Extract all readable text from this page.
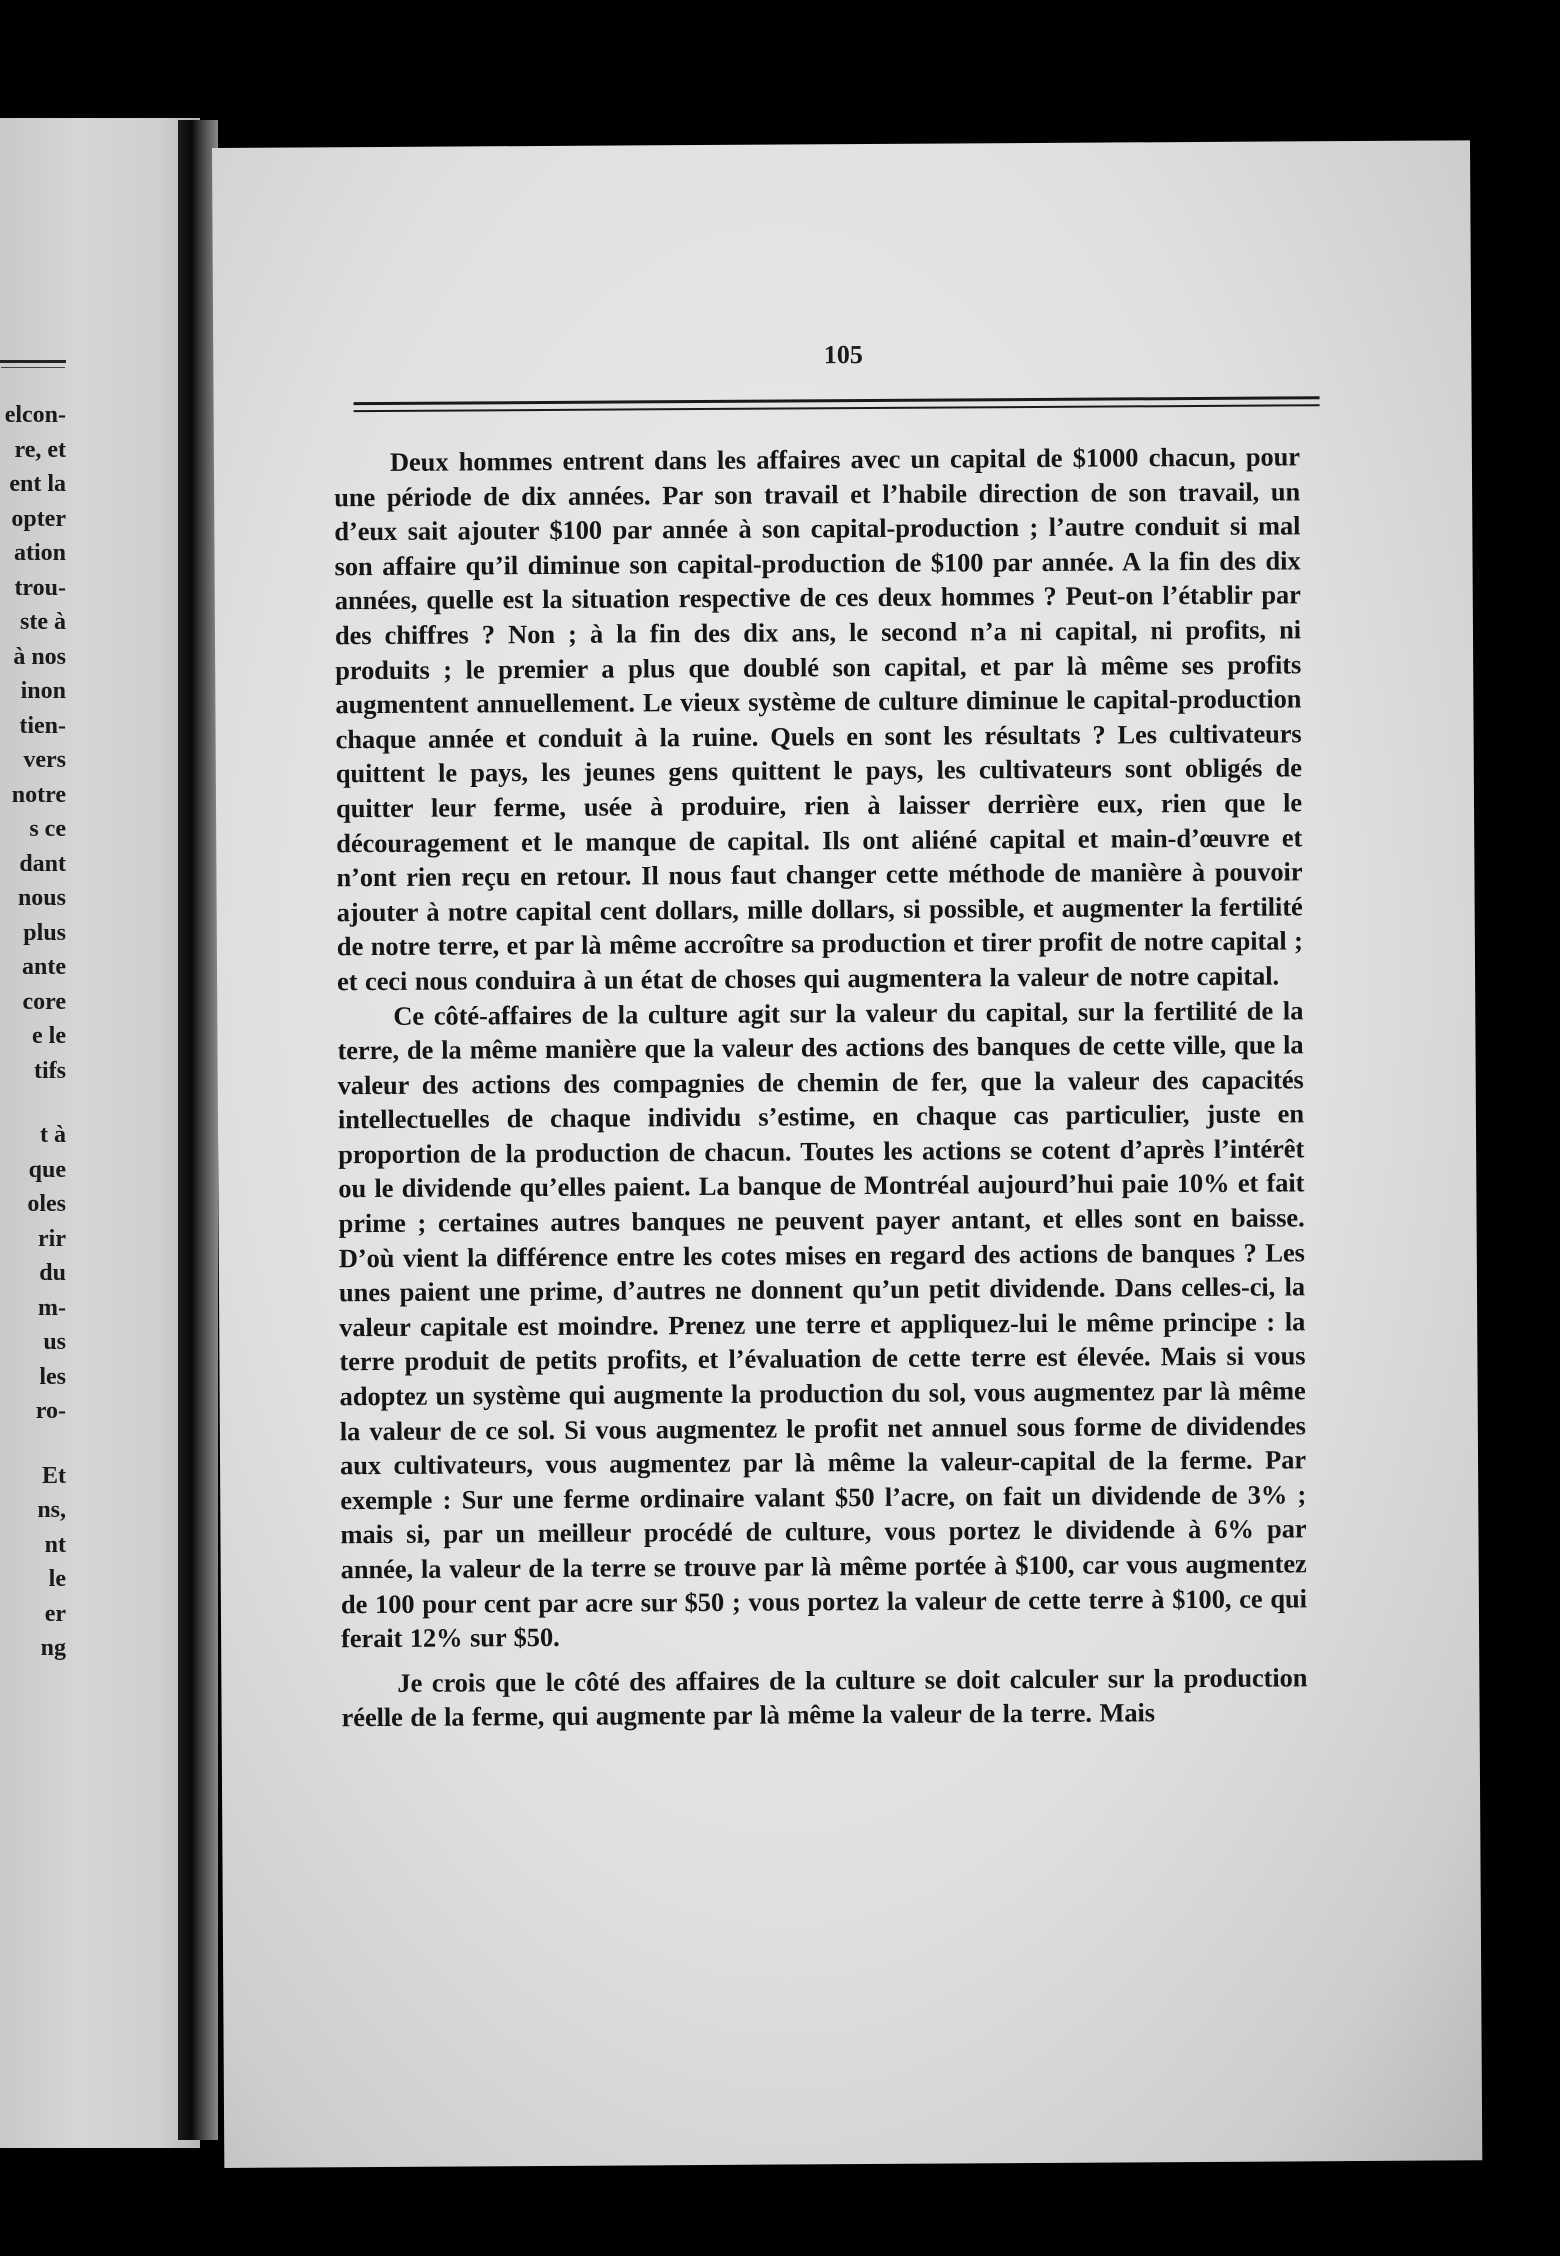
elcon-
re, et
ent la
opter
ation
trou-
ste à
à nos
inon
tien-
vers
notre
s ce
dant
nous
plus
ante
core
e le
tifs
t à
que
oles
rir
du
m-
us
les
ro-
Et
ns,
nt
le
er
ng
105

Deux hommes entrent dans les affaires avec un capital de $1000 chacun, pour une période de dix années. Par son travail et l’habile direction de son travail, un d’eux sait ajouter $100 par année à son capital-production ; l’autre conduit si mal son affaire qu’il diminue son capital-production de $100 par année. A la fin des dix années, quelle est la situation respective de ces deux hommes ? Peut-on l’établir par des chiffres ? Non ; à la fin des dix ans, le second n’a ni capital, ni profits, ni produits ; le premier a plus que doublé son capital, et par là même ses profits augmentent annuellement. Le vieux système de culture diminue le capital-production chaque année et conduit à la ruine. Quels en sont les résultats ? Les cultivateurs quittent le pays, les jeunes gens quittent le pays, les cultivateurs sont obligés de quitter leur ferme, usée à produire, rien à laisser derrière eux, rien que le découragement et le manque de capital. Ils ont aliéné capital et main-d’œuvre et n’ont rien reçu en retour. Il nous faut changer cette méthode de manière à pouvoir ajouter à notre capital cent dollars, mille dollars, si possible, et augmenter la fertilité de notre terre, et par là même accroître sa production et tirer profit de notre capital ; et ceci nous conduira à un état de choses qui augmentera la valeur de notre capital.

Ce côté-affaires de la culture agit sur la valeur du capital, sur la fertilité de la terre, de la même manière que la valeur des actions des banques de cette ville, que la valeur des actions des compagnies de chemin de fer, que la valeur des capacités intellectuelles de chaque individu s’estime, en chaque cas particulier, juste en proportion de la production de chacun. Toutes les actions se cotent d’après l’intérêt ou le dividende qu’elles paient. La banque de Montréal aujourd’hui paie 10% et fait prime ; certaines autres banques ne peuvent payer antant, et elles sont en baisse. D’où vient la différence entre les cotes mises en regard des actions de banques ? Les unes paient une prime, d’autres ne donnent qu’un petit dividende. Dans celles-ci, la valeur capitale est moindre. Prenez une terre et appliquez-lui le même principe : la terre produit de petits profits, et l’évaluation de cette terre est élevée. Mais si vous adoptez un système qui augmente la production du sol, vous augmentez par là même la valeur de ce sol. Si vous augmentez le profit net annuel sous forme de dividendes aux cultivateurs, vous augmentez par là même la valeur-capital de la ferme. Par exemple : Sur une ferme ordinaire valant $50 l’acre, on fait un dividende de 3% ; mais si, par un meilleur procédé de culture, vous portez le dividende à 6% par année, la valeur de la terre se trouve par là même portée à $100, car vous augmentez de 100 pour cent par acre sur $50 ; vous portez la valeur de cette terre à $100, ce qui ferait 12% sur $50.

Je crois que le côté des affaires de la culture se doit calculer sur la production réelle de la ferme, qui augmente par là même la valeur de la terre. Mais
